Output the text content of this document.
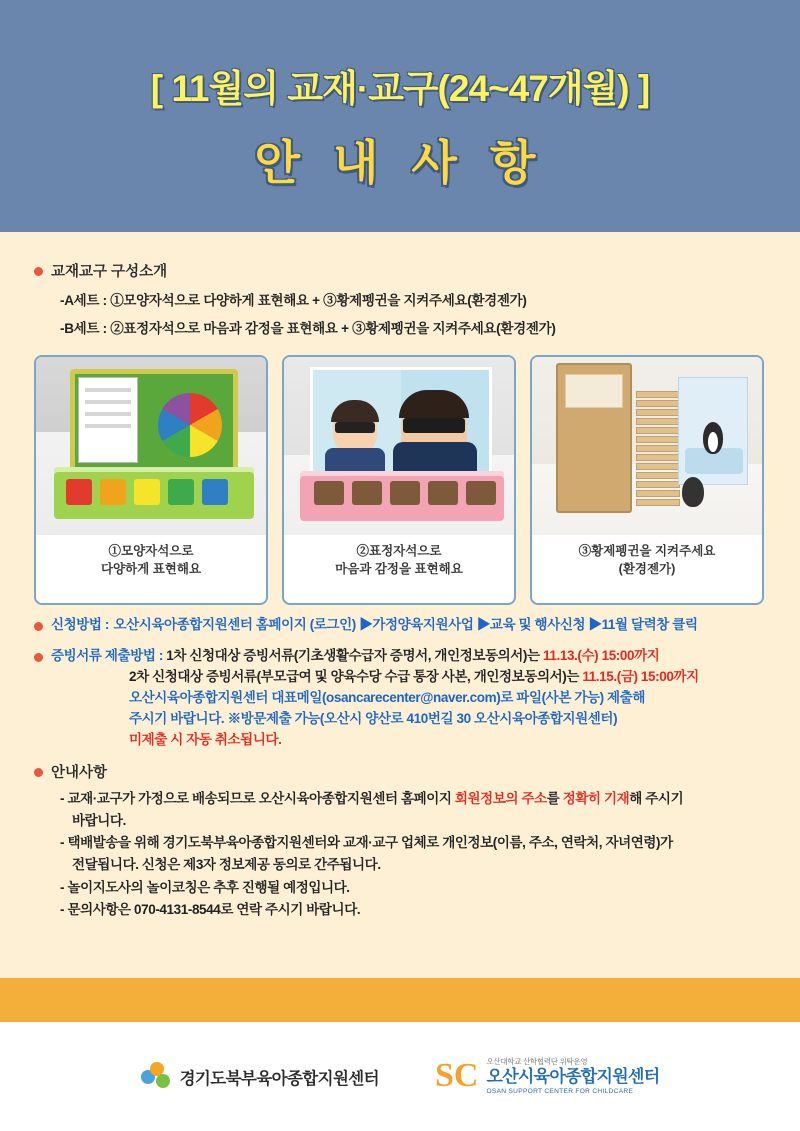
[ 11월의 교재·교구(24~47개월) ]
안 내 사 항
교재교구 구성소개
-A세트 : ①모양자석으로 다양하게 표현해요 + ③황제펭귄을 지켜주세요(환경젠가)
-B세트 : ②표정자석으로 마음과 감정을 표현해요 + ③황제펭귄을 지켜주세요(환경젠가)
①모양자석으로
다양하게 표현해요
②표정자석으로
마음과 감정을 표현해요
③황제펭귄을 지켜주세요
(환경젠가)
신청방법 : 오산시육아종합지원센터 홈페이지 (로그인) ▶가정양육지원사업 ▶교육 및 행사신청 ▶11월 달력창 클릭
증빙서류 제출방법 : 1차 신청대상 증빙서류(기초생활수급자 증명서, 개인정보동의서)는 11.13.(수) 15:00까지
2차 신청대상 증빙서류(부모급여 및 양육수당 수급 통장 사본, 개인정보동의서)는 11.15.(금) 15:00까지
오산시육아종합지원센터 대표메일(osancarecenter@naver.com)로 파일(사본 가능) 제출해
주시기 바랍니다. ※방문제출 가능(오산시 양산로 410번길 30 오산시육아종합지원센터)
미제출 시 자동 취소됩니다.
안내사항
- 교재·교구가 가정으로 배송되므로 오산시육아종합지원센터 홈페이지 회원정보의 주소를 정확히 기재해 주시기
바랍니다.
- 택배발송을 위해 경기도북부육아종합지원센터와 교재·교구 업체로 개인정보(이름, 주소, 연락처, 자녀연령)가
전달됩니다. 신청은 제3자 정보제공 동의로 간주됩니다.
- 놀이지도사의 놀이코칭은 추후 진행될 예정입니다.
- 문의사항은 070-4131-8544로 연락 주시기 바랍니다.
경기도북부육아종합지원센터 SC 오산대학교 산학협력단 위탁운영
오산시육아종합지원센터
OSAN SUPPORT CENTER FOR CHILDCARE
